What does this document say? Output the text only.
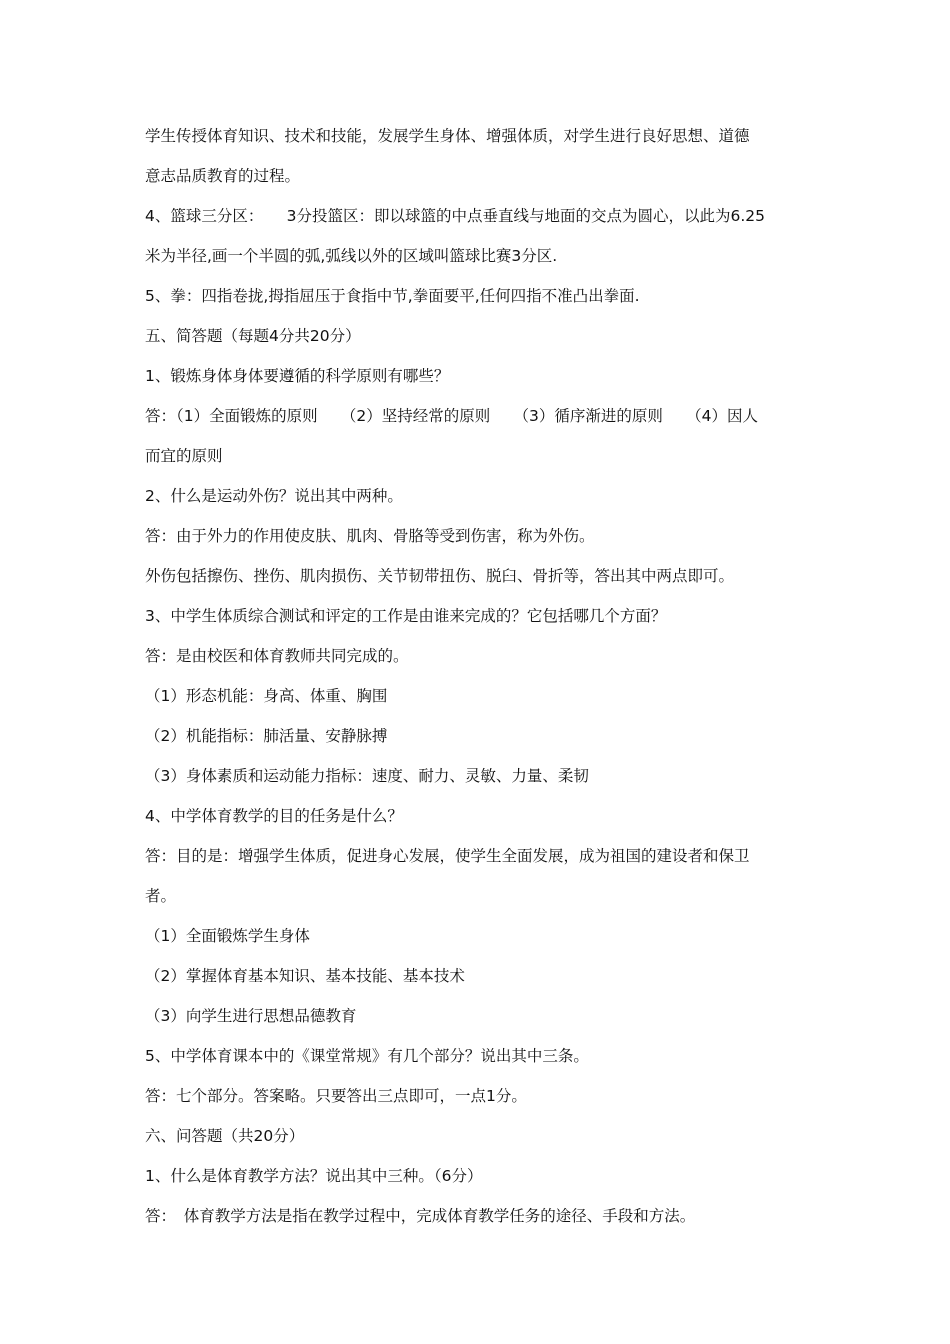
学生传授体育知识、技术和技能，发展学生身体、增强体质，对学生进行良好思想、道德
意志品质教育的过程。
4、篮球三分区：　　3分投篮区：即以球篮的中点垂直线与地面的交点为圆心，以此为6.25
米为半径,画一个半圆的弧,弧线以外的区域叫篮球比赛3分区.
5、拳：四指卷拢,拇指屈压于食指中节,拳面要平,任何四指不准凸出拳面.
五、简答题（每题4分共20分）
1、锻炼身体身体要遵循的科学原则有哪些？
答：（1）全面锻炼的原则　　（2）坚持经常的原则　　（3）循序渐进的原则　　（4）因人
而宜的原则
2、什么是运动外伤？说出其中两种。
答：由于外力的作用使皮肤、肌肉、骨胳等受到伤害，称为外伤。
外伤包括擦伤、挫伤、肌肉损伤、关节韧带扭伤、脱臼、骨折等，答出其中两点即可。
3、中学生体质综合测试和评定的工作是由谁来完成的？它包括哪几个方面？
答：是由校医和体育教师共同完成的。
（1）形态机能：身高、体重、胸围
（2）机能指标：肺活量、安静脉搏
（3）身体素质和运动能力指标：速度、耐力、灵敏、力量、柔韧
4、中学体育教学的目的任务是什么？
答：目的是：增强学生体质，促进身心发展，使学生全面发展，成为祖国的建设者和保卫
者。
（1）全面锻炼学生身体
（2）掌握体育基本知识、基本技能、基本技术
（3）向学生进行思想品德教育
5、中学体育课本中的《课堂常规》有几个部分？说出其中三条。
答：七个部分。答案略。只要答出三点即可，一点1分。
六、问答题（共20分）
1、什么是体育教学方法？说出其中三种。（6分）
答：　体育教学方法是指在教学过程中，完成体育教学任务的途径、手段和方法。
